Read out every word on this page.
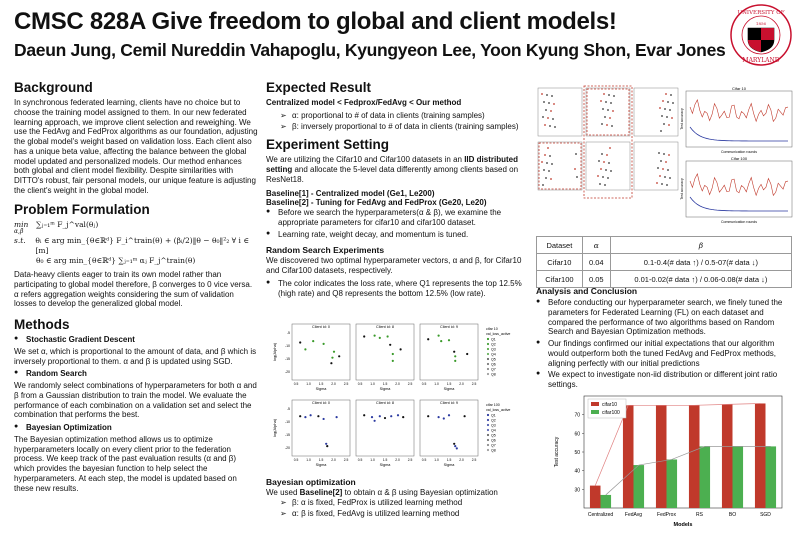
CMSC 828A Give freedom to global and client models!
Daeun Jung, Cemil Nureddin Vahapoglu, Kyungyeon Lee, Yoon Kyung Shon, Evar Jones
UNIVERSITY OF
MARYLAND
1856
Background

In synchronous federated learning, clients have no choice but to choose the training model assigned to them. In our new federated learning approach, we improve client selection and reweighing. We use the FedAvg and FedProx algorithms as our foundation, adjusting the global model's weight based on validation loss. Each client also has a unique beta value, affecting the balance between the global model updated and personalized models. Our method enhances both global and client model flexibility. Despite similarities with DITTO's robust, fair personal models, our unique feature is adjusting the client's weight in the global model.

Problem Formulation
min	∑ⱼ₌₁ᵐ F_j^val(θⱼ)
α,β
s.t.	θᵢ ∈ arg min_{θ∈ℝᵈ} F_i^train(θ) + (βᵢ/2)‖θ − θ₀‖²₂ ∀ i ∈ [m]
θ₀ ∈ arg min_{θ∈ℝᵈ} ∑ⱼ₌₁ᵐ αⱼ F_j^train(θ)

Data-heavy clients eager to train its own model rather than participating to global model therefore, β converges to 0 vice versa. α refers aggregation weights considering the sum of validation losses to develop the generalized global model.

Methods
● Stochastic Gradient Descent

We set α, which is proportional to the amount of data, and β which is inversely proportional to them. α and β is updated using SGD.

● Random Search

We randomly select combinations of hyperparameters for both α and β from a Gaussian distribution to train the model. We evaluate the performance of each combination on a validation set and select the combination that performs the best.

● Bayesian Optimization

The Bayesian optimization method allows us to optimize hyperparameters locally on every client prior to the federation process. We keep track of the past evaluation results (α and β) which provides the bayesian function to help select the hyperparameters. At each step, the model is updated based on these new results.

Expected Result

Centralized model < Fedprox/FedAvg < Our method

➢ α: proportional to # of data in clients (training samples)
➢ β: inversely proportional to # of data in clients (training samples)
Experiment Setting

We are utilizing the Cifar10 and Cifar100 datasets in an IID distributed setting and allocate the 5-level data differently among clients based on ResNet18.

Baseline[1] - Centralized model (Ge1, Le200)

Baseline[2] - Tuning for FedAvg and FedProx (Ge20, Le20)

● Before we search the hyperparameters(α & β), we examine the appropriate parameters for cifar10 and cifar100 dataset.
● Learning rate, weight decay, and momentum is tuned.
Random Search Experiments

We discovered two optimal hyperparameter vectors, α and β, for Cifar10 and Cifar100 datasets, respectively.

● The color indicates the loss rate, where Q1 represents the top 12.5% (high rate) and Q8 represents the bottom 12.5% (low rate).
log(Alpha)
Client id: 0
-5
-10
-15
-20
0.5 1.0 1.5 2.0 2.5
Sigma
Client id: 8
0.5 1.0 1.5 2.0 2.5
Sigma
Client id: 9
0.5 1.0 1.5 2.0 2.5
Sigma
cifar 10
val_loss_active
Q1
Q2
Q3
Q4
Q5
Q6
Q7
Q8
log(Alpha)
Client id: 0
-5
-10
-15
-20
0.5 1.0 1.5 2.0 2.5
Sigma
Client id: 8
0.5 1.0 1.5 2.0 2.5
Sigma
Client id: 9
0.5 1.0 1.5 2.0 2.5
Sigma
cifar 100
val_loss_active
Q1
Q2
Q3
Q4
Q5
Q6
Q7
Q8
Bayesian optimization

We used Baseline[2] to obtain α & β using Bayesian optimization

➢ β: α is fixed, FedProx is utilized learning method
➢ α: β is fixed, FedAvg is utilized learning method
Cifar 10
Communication rounds
Test accuracy
Cifar 100
Communication rounds
Test accuracy
Dataset	α	β
Cifar10	0.04	0.1-0.4(# data ↑) / 0.5-07(# data ↓)
Cifar100	0.05	0.01-0.02(# data ↑) / 0.06-0.08(# data ↓)
Analysis and Conclusion
● Before conducting our hyperparameter search, we finely tuned the parameters for Federated Learning (FL) on each dataset and compared the performance of two algorithms based on Random Search and Bayesian Optimization methods.
● Our findings confirmed our initial expectations that our algorithm would outperform both the tuned FedAvg and FedProx methods, aligning perfectly with our initial predictions
● We expect to investigate non-iid distribution or different joint ratio settings.
30
40
50
60
70
Test accuracy
Models
Centralized FedAvg	FedProx	RS	BO	SGD
cifar10
cifar100
